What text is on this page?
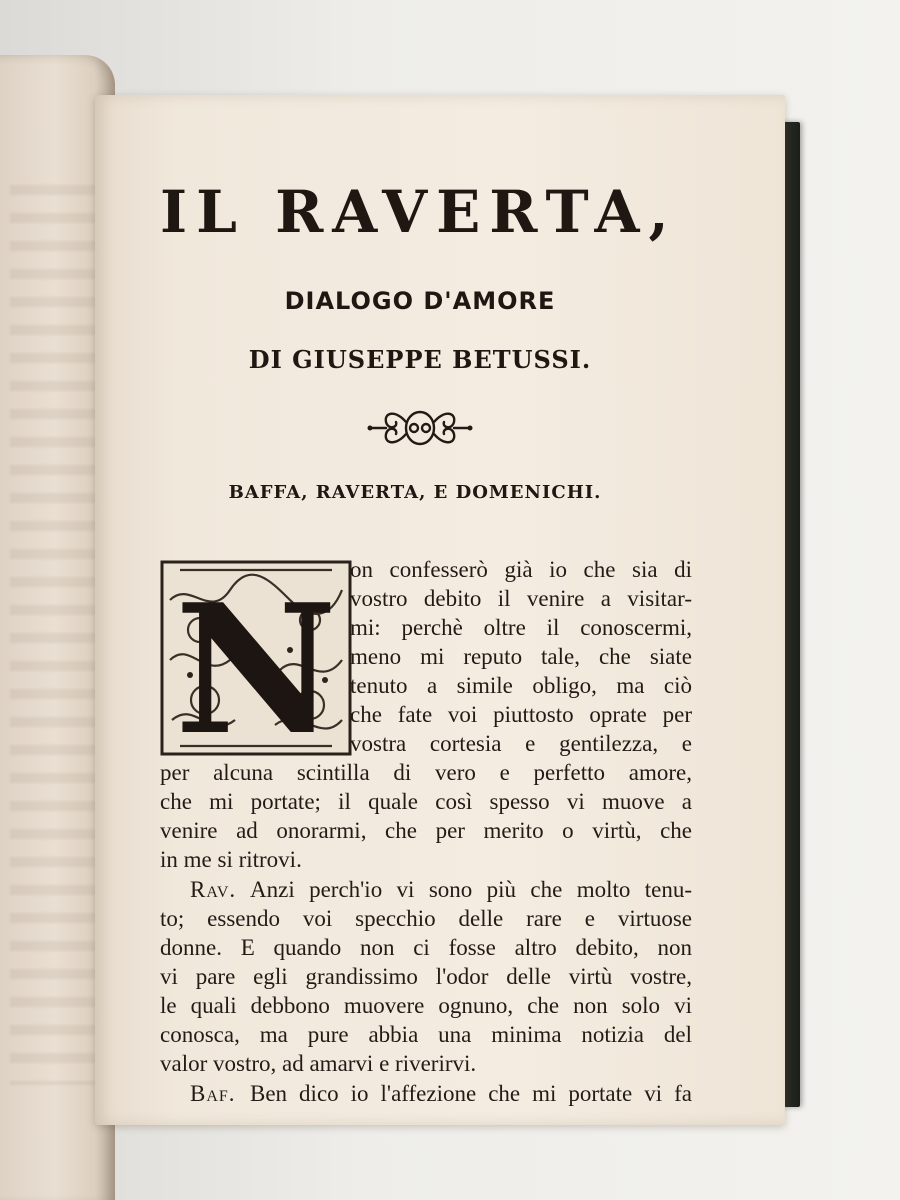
IL RAVERTA,
DIALOGO D'AMORE
DI GIUSEPPE BETUSSI.
BAFFA, RAVERTA, E DOMENICHI.
N on confesserò già io che sia di

vostro debito il venire a visitar-

mi: perchè oltre il conoscermi,

meno mi reputo tale, che siate

tenuto a simile obligo, ma ciò

che fate voi piuttosto oprate per

vostra cortesia e gentilezza, e

per alcuna scintilla di vero e perfetto amore,

che mi portate; il quale così spesso vi muove a

venire ad onorarmi, che per merito o virtù, che

in me si ritrovi.

Rav. Anzi perch'io vi sono più che molto tenu-

to; essendo voi specchio delle rare e virtuose

donne. E quando non ci fosse altro debito, non

vi pare egli grandissimo l'odor delle virtù vostre,

le quali debbono muovere ognuno, che non solo vi

conosca, ma pure abbia una minima notizia del

valor vostro, ad amarvi e riverirvi.

Baf. Ben dico io l'affezione che mi portate vi fa
